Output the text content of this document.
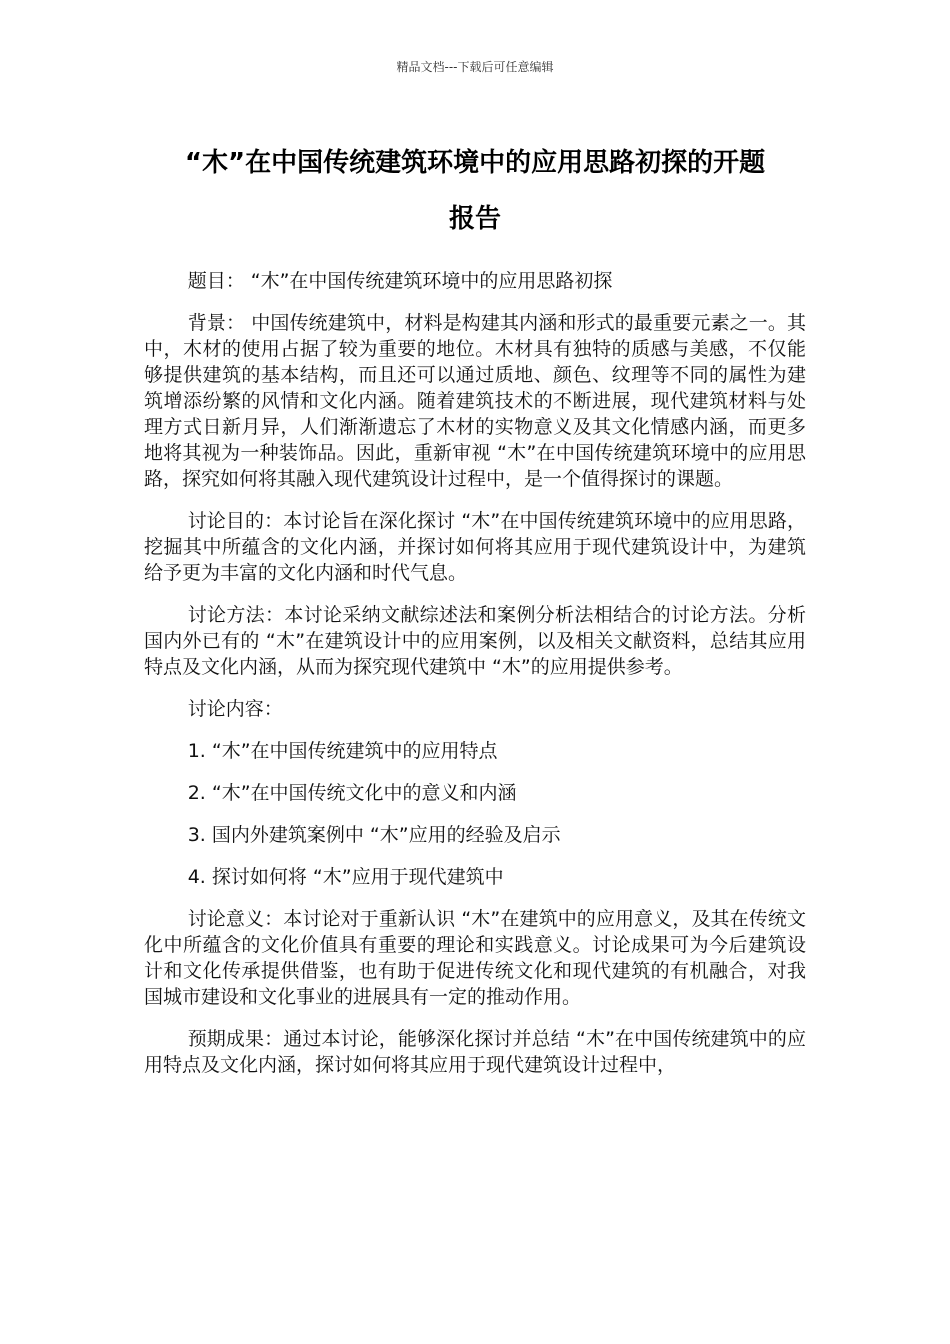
精品文档---下载后可任意编辑
“木”在中国传统建筑环境中的应用思路初探的开题
报告

题目： “木”在中国传统建筑环境中的应用思路初探

背景： 中国传统建筑中，材料是构建其内涵和形式的最重要元素之一。其中，木材的使用占据了较为重要的地位。木材具有独特的质感与美感，不仅能够提供建筑的基本结构，而且还可以通过质地、颜色、纹理等不同的属性为建筑增添纷繁的风情和文化内涵。随着建筑技术的不断进展，现代建筑材料与处理方式日新月异，人们渐渐遗忘了木材的实物意义及其文化情感内涵，而更多地将其视为一种装饰品。因此，重新审视 “木”在中国传统建筑环境中的应用思路，探究如何将其融入现代建筑设计过程中，是一个值得探讨的课题。

讨论目的：本讨论旨在深化探讨 “木”在中国传统建筑环境中的应用思路，挖掘其中所蕴含的文化内涵，并探讨如何将其应用于现代建筑设计中，为建筑给予更为丰富的文化内涵和时代气息。

讨论方法：本讨论采纳文献综述法和案例分析法相结合的讨论方法。分析国内外已有的 “木”在建筑设计中的应用案例，以及相关文献资料，总结其应用特点及文化内涵，从而为探究现代建筑中 “木”的应用提供参考。

讨论内容：

1. “木”在中国传统建筑中的应用特点

2. “木”在中国传统文化中的意义和内涵

3. 国内外建筑案例中 “木”应用的经验及启示

4. 探讨如何将 “木”应用于现代建筑中

讨论意义：本讨论对于重新认识 “木”在建筑中的应用意义，及其在传统文化中所蕴含的文化价值具有重要的理论和实践意义。讨论成果可为今后建筑设计和文化传承提供借鉴，也有助于促进传统文化和现代建筑的有机融合，对我国城市建设和文化事业的进展具有一定的推动作用。

预期成果：通过本讨论，能够深化探讨并总结 “木”在中国传统建筑中的应用特点及文化内涵，探讨如何将其应用于现代建筑设计过程中，
